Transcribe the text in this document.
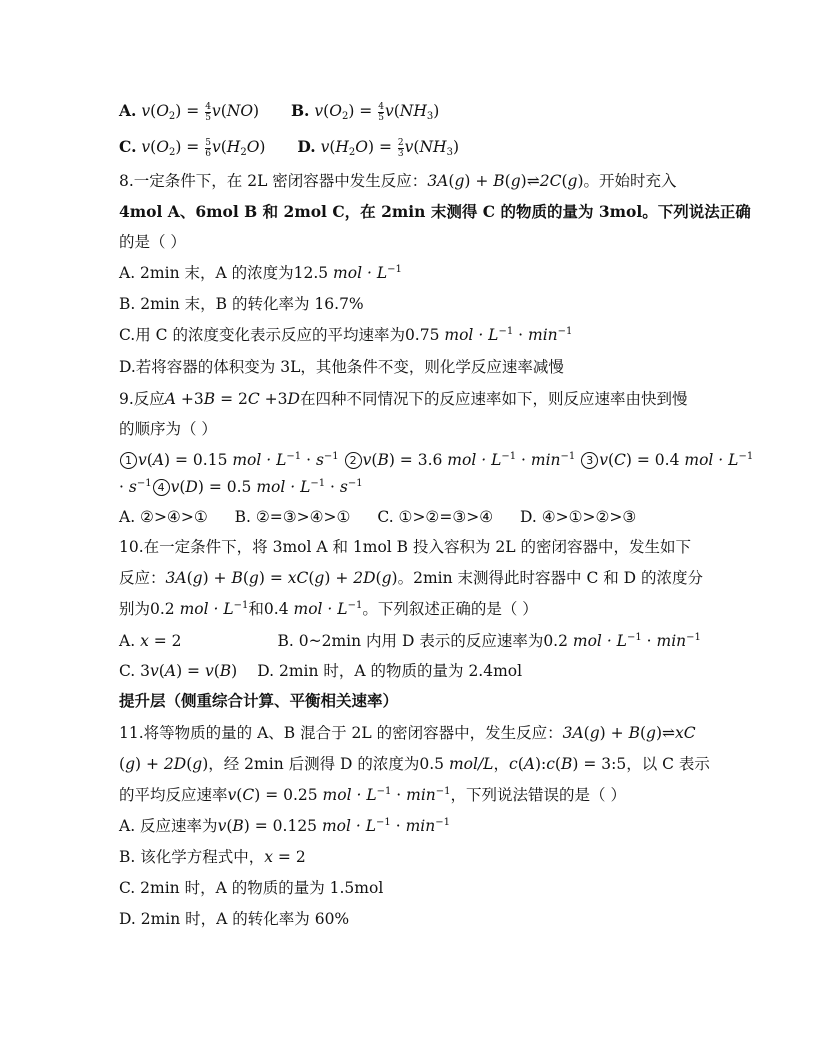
A. $v(O_2) = \frac{4}{5} v(NO)$  B. $v(O_2) = \frac{4}{5} v(NH_3)$
C. $v(O_2) = \frac{5}{6} v(H_2O)$  D. $v(H_2O) = \frac{2}{3} v(NH_3)$
8.一定条件下，在 2L 密闭容器中发生反应：3A(g) + B(g)⇌2C(g)。开始时充入
4mol A、6mol B 和 2mol C，在 2min 末测得 C 的物质的量为 3mol。下列说法正确
的是（ ）
A. 2min 末，A 的浓度为12.5 mol · $L^{-1}$
B. 2min 末，B 的转化率为 16.7%
C.用 C 的浓度变化表示反应的平均速率为0.75 mol · $L^{-1} \cdot \min^{-1}$
D.若将容器的体积变为 3L，其他条件不变，则化学反应速率减慢
9.反应A +3B = 2C +3D在四种不同情况下的反应速率如下，则反应速率由快到慢
的顺序为（ ）
1 v(A) = 0.15 mol · $L^{-1} \cdot s^{-1}$ 2 v(B) = 3.6 mol · $L^{-1} \cdot \min^{-1} 3$ v(C) = 0.4 mol · $L^{-1}$
· $s^{-1}$ 4 v(D) = 0.5 mol · $L^{-1} \cdot s^{-1}$
A. ②>④>① B. ②=③>④>① C. ①>②=③>④ D. ④>①>②>③
10.在一定条件下，将 3mol A 和 1mol B 投入容积为 2L 的密闭容器中，发生如下
反应：3A(g) + B(g) = xC(g) + 2D(g)。2min 末测得此时容器中 C 和 D 的浓度分
别为0.2 mol · $L^{-1}$和0.4 mol · $L^{-1}$。下列叙述正确的是（ ）
A. x = 2	B. 0~2min 内用 D 表示的反应速率为0.2 mol · $L^{-1} \cdot \min^{-1}$
C. 3v(A) = v(B) D. 2min 时，A 的物质的量为 2.4mol
提升层（侧重综合计算、平衡相关速率）
11.将等物质的量的 A、B 混合于 2L 的密闭容器中，发生反应：3A(g) + B(g)⇌xC
(g) + 2D(g)，经 2min 后测得 D 的浓度为0.5 mol/L，c(A):c(B) = 3:5，以 C 表示
的平均反应速率v(C) = 0.25 mol · $L^{-1} \cdot \min^{-1}$，下列说法错误的是（ ）
A. 反应速率为v(B) = 0.125 mol · $L^{-1} \cdot \min^{-1}$
B. 该化学方程式中，x = 2
C. 2min 时，A 的物质的量为 1.5mol
D. 2min 时，A 的转化率为 60%
